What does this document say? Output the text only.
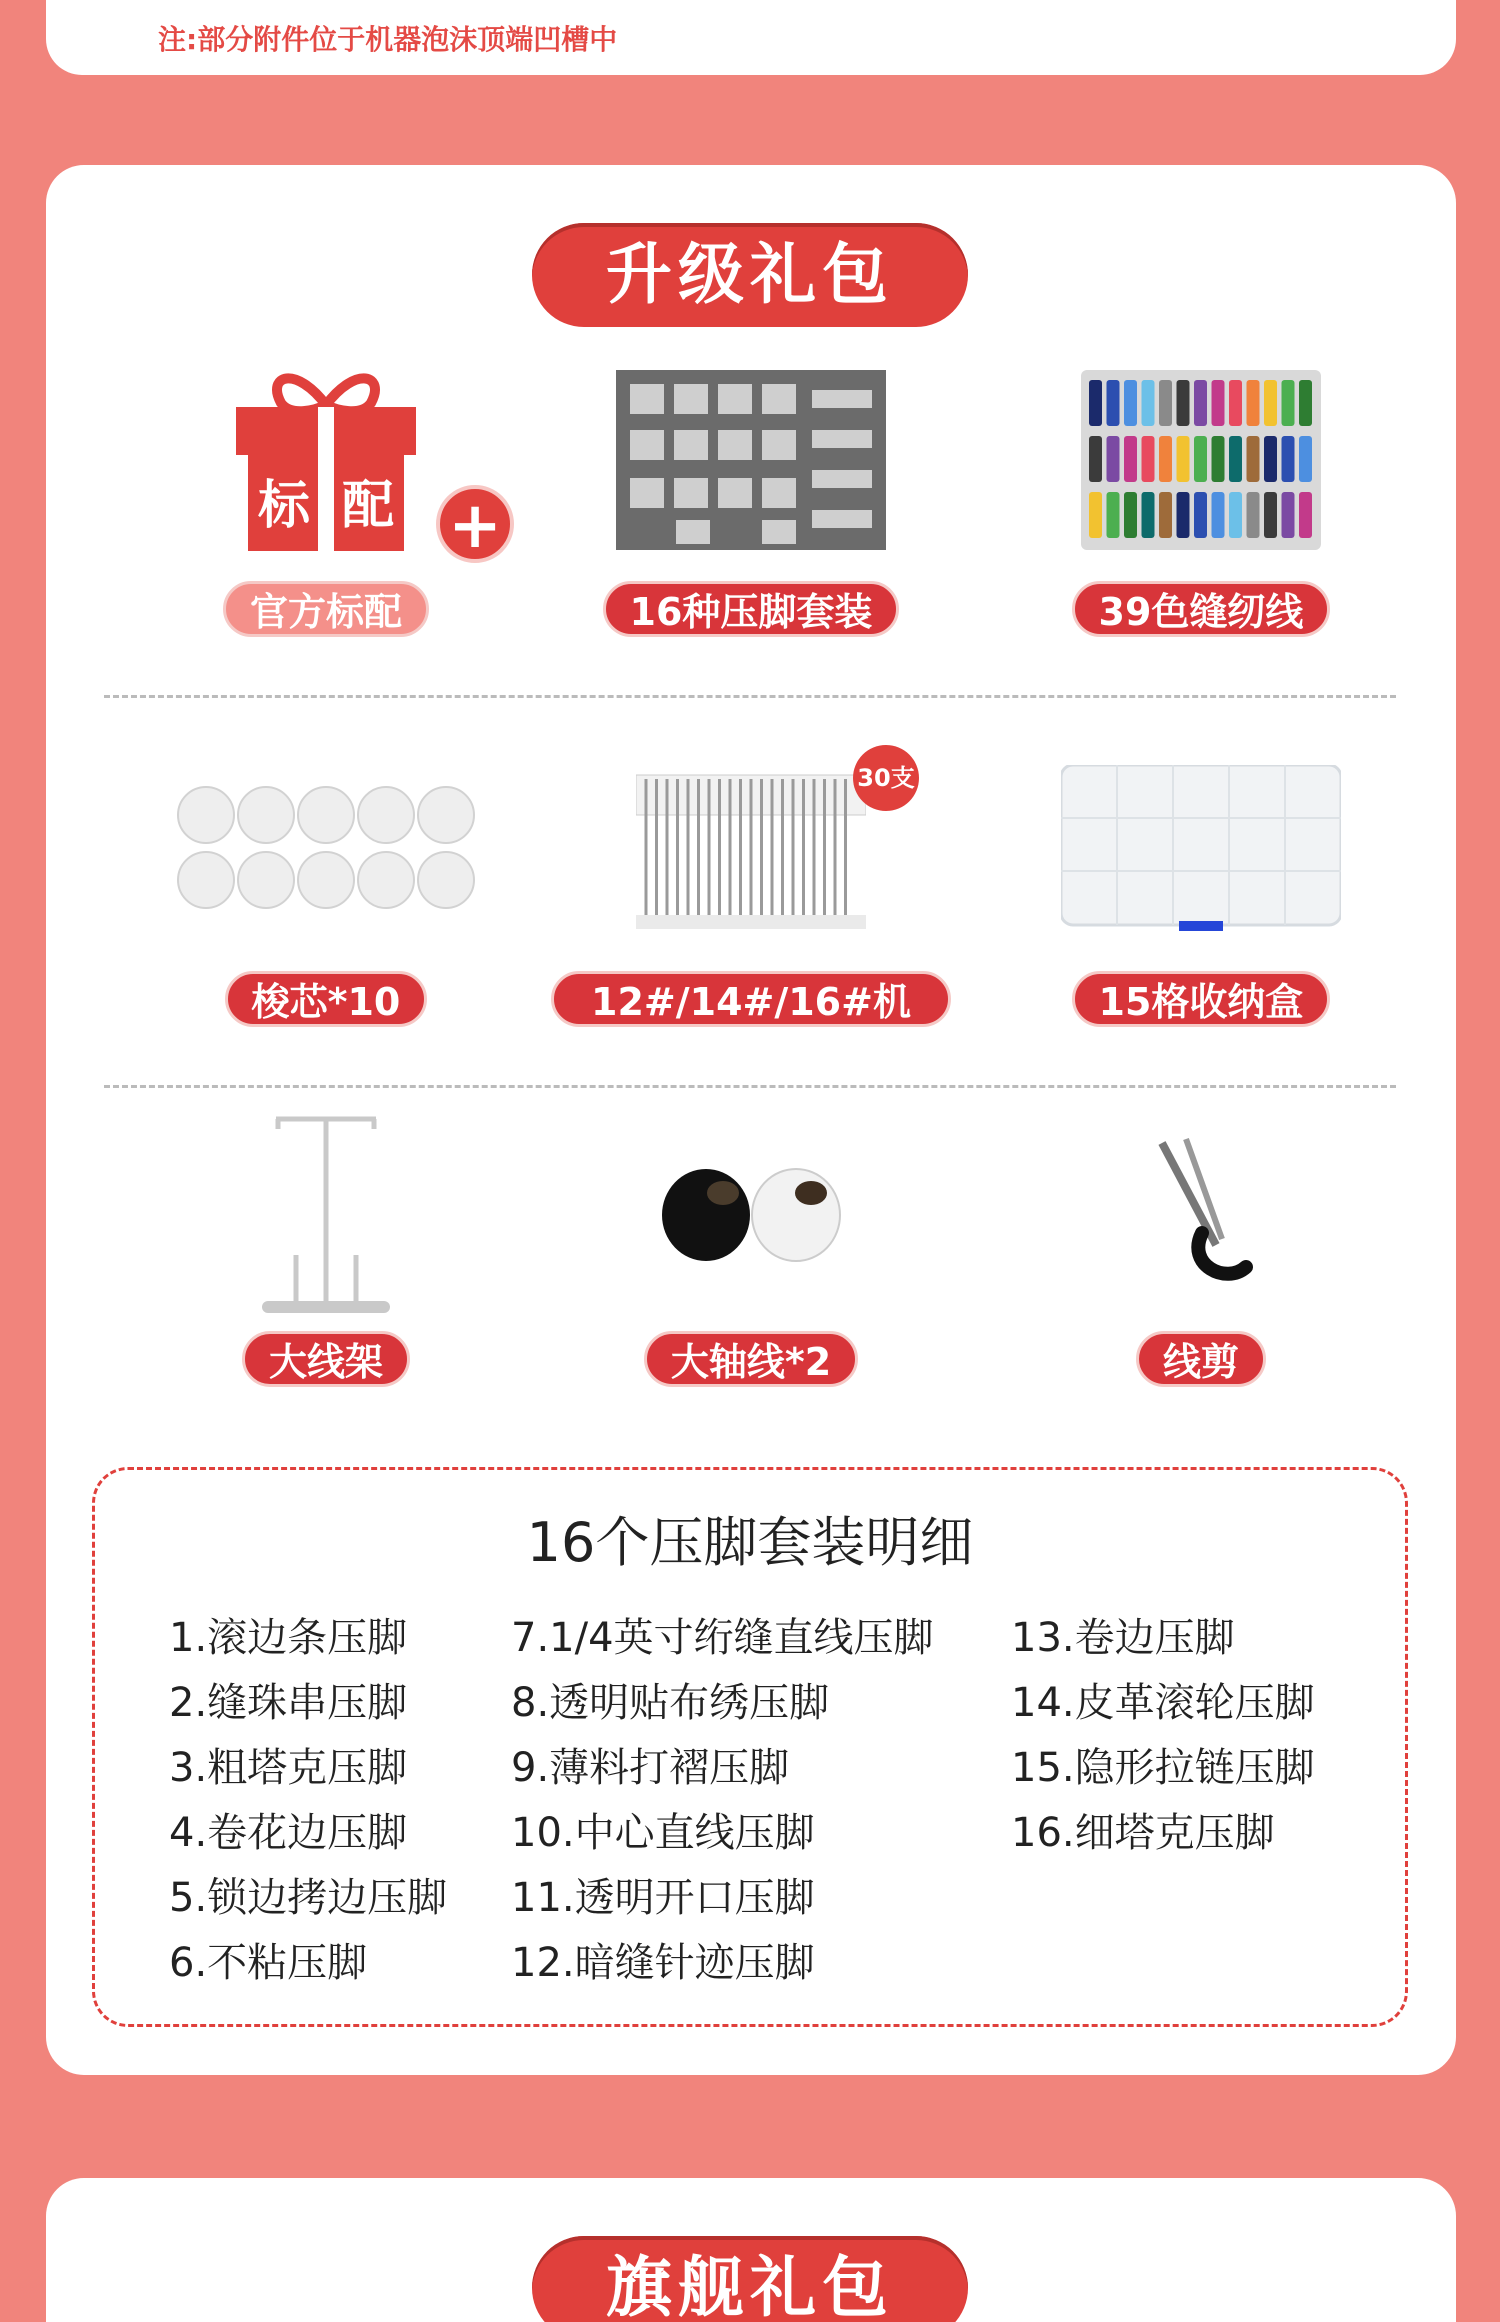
注:部分附件位于机器泡沫顶端凹槽中
升级礼包
标 配
官方标配
+
16种压脚套装	39色缝纫线
梭芯*10
30支
12#/14#/16#机针
15格收纳盒
大线架	大轴线*2	线剪
16个压脚套装明细
1.滚边条压脚
2.缝珠串压脚
3.粗塔克压脚
4.卷花边压脚
5.锁边拷边压脚
6.不粘压脚
7.1/4英寸绗缝直线压脚
8.透明贴布绣压脚
9.薄料打褶压脚
10.中心直线压脚
11.透明开口压脚
12.暗缝针迹压脚
13.卷边压脚
14.皮革滚轮压脚
15.隐形拉链压脚
16.细塔克压脚
旗舰礼包
